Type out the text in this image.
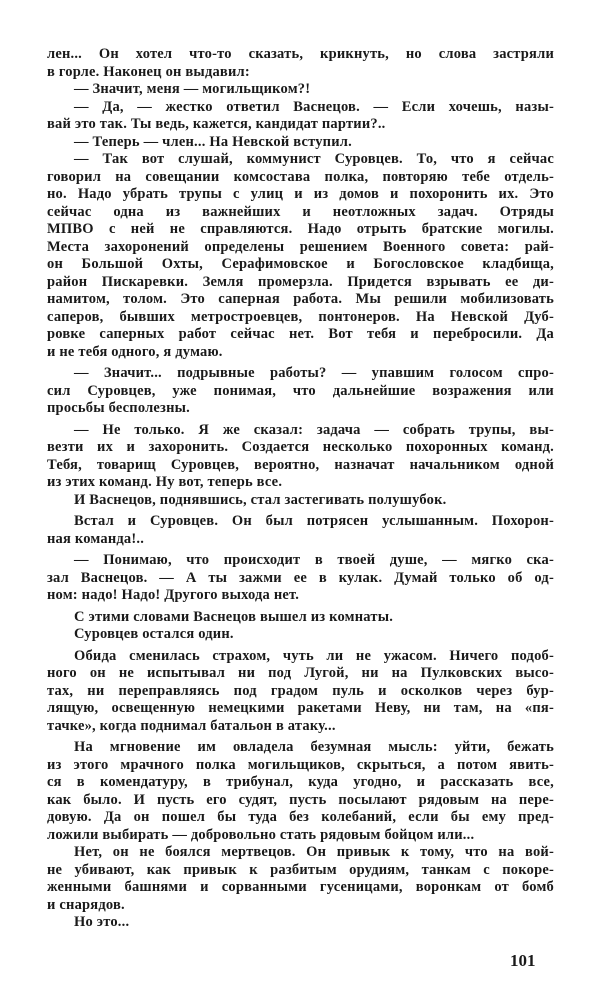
лен... Он хотел что-то сказать, крикнуть, но слова застряли
в горле. Наконец он выдавил:
— Значит, меня — могильщиком?!
— Да, — жестко ответил Васнецов. — Если хочешь, назы-
вай это так. Ты ведь, кажется, кандидат партии?..
— Теперь — член... На Невской вступил.
— Так вот слушай, коммунист Суровцев. То, что я сейчас
говорил на совещании комсостава полка, повторяю тебе отдель-
но. Надо убрать трупы с улиц и из домов и похоронить их. Это
сейчас одна из важнейших и неотложных задач. Отряды
МПВО с ней не справляются. Надо отрыть братские могилы.
Места захоронений определены решением Военного совета: рай-
он Большой Охты, Серафимовское и Богословское кладбища,
район Пискаревки. Земля промерзла. Придется взрывать ее ди-
намитом, толом. Это саперная работа. Мы решили мобилизовать
саперов, бывших метростроевцев, понтонеров. На Невской Дуб-
ровке саперных работ сейчас нет. Вот тебя и перебросили. Да
и не тебя одного, я думаю.
— Значит... подрывные работы? — упавшим голосом спро-
сил Суровцев, уже понимая, что дальнейшие возражения или
просьбы бесполезны.
— Не только. Я же сказал: задача — собрать трупы, вы-
везти их и захоронить. Создается несколько похоронных команд.
Тебя, товарищ Суровцев, вероятно, назначат начальником одной
из этих команд. Ну вот, теперь все.
И Васнецов, поднявшись, стал застегивать полушубок.
Встал и Суровцев. Он был потрясен услышанным. Похорон-
ная команда!..
— Понимаю, что происходит в твоей душе, — мягко ска-
зал Васнецов. — А ты зажми ее в кулак. Думай только об од-
ном: надо! Надо! Другого выхода нет.
С этими словами Васнецов вышел из комнаты.
Суровцев остался один.
Обида сменилась страхом, чуть ли не ужасом. Ничего подоб-
ного он не испытывал ни под Лугой, ни на Пулковских высо-
тах, ни переправляясь под градом пуль и осколков через бур-
лящую, освещенную немецкими ракетами Неву, ни там, на «пя-
тачке», когда поднимал батальон в атаку...
На мгновение им овладела безумная мысль: уйти, бежать
из этого мрачного полка могильщиков, скрыться, а потом явить-
ся в комендатуру, в трибунал, куда угодно, и рассказать все,
как было. И пусть его судят, пусть посылают рядовым на пере-
довую. Да он пошел бы туда без колебаний, если бы ему пред-
ложили выбирать — добровольно стать рядовым бойцом или...
Нет, он не боялся мертвецов. Он привык к тому, что на вой-
не убивают, как привык к разбитым орудиям, танкам с покоре-
женными башнями и сорванными гусеницами, воронкам от бомб
и снарядов.
Но это...
101
